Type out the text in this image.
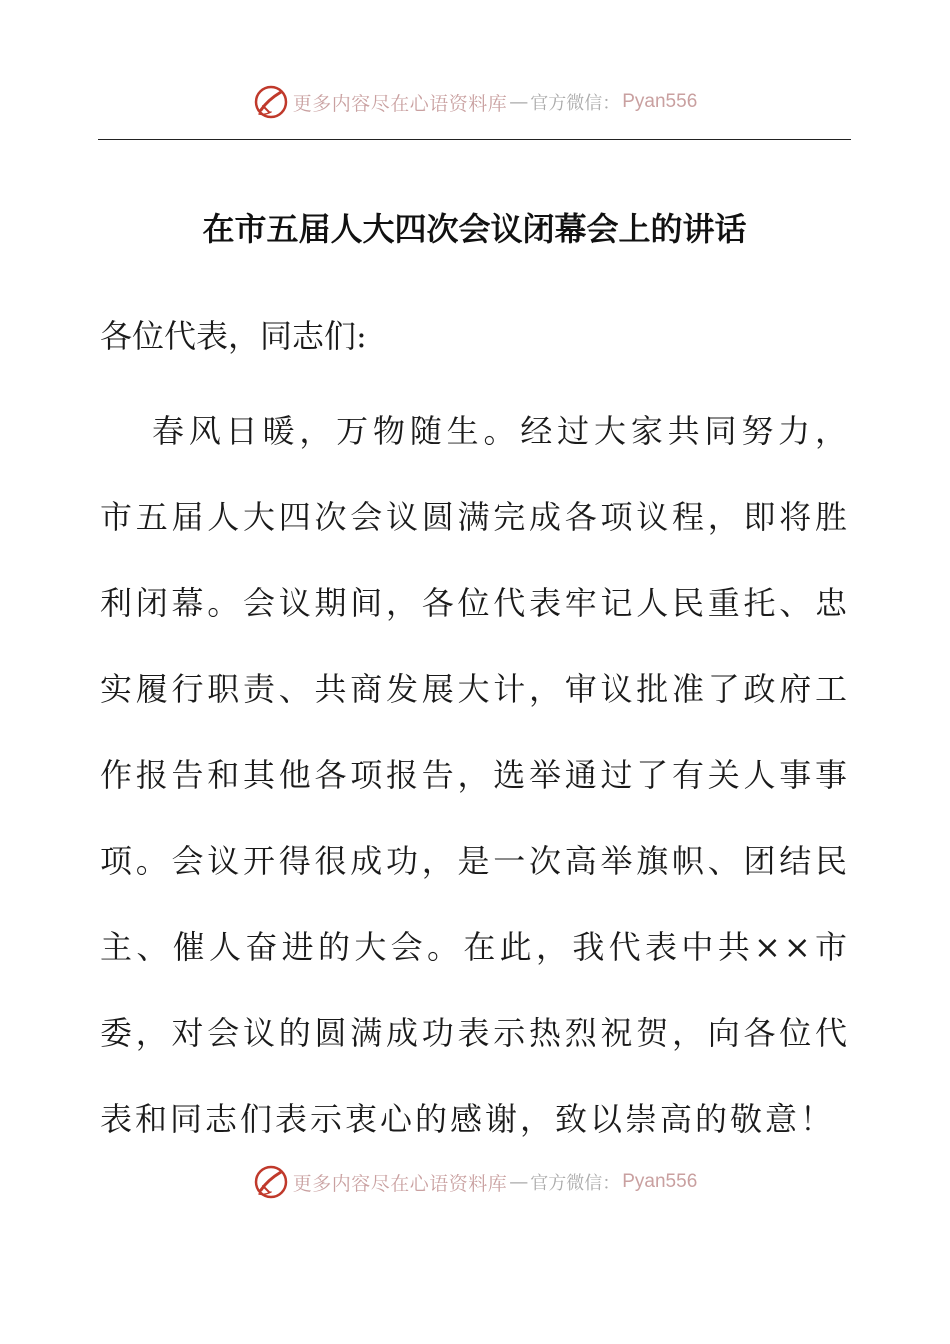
更多内容尽在心语资料库 — 官方微信： Pyan556
在市五届人大四次会议闭幕会上的讲话
各位代表，同志们:
春风日暖，万物随生。经过大家共同努力，
市五届人大四次会议圆满完成各项议程，即将胜
利闭幕。会议期间，各位代表牢记人民重托、忠
实履行职责、共商发展大计，审议批准了政府工
作报告和其他各项报告，选举通过了有关人事事
项。会议开得很成功，是一次高举旗帜、团结民
主、催人奋进的大会。在此，我代表中共××市
委，对会议的圆满成功表示热烈祝贺，向各位代
表和同志们表示衷心的感谢，致以崇高的敬意！
更多内容尽在心语资料库 — 官方微信： Pyan556
